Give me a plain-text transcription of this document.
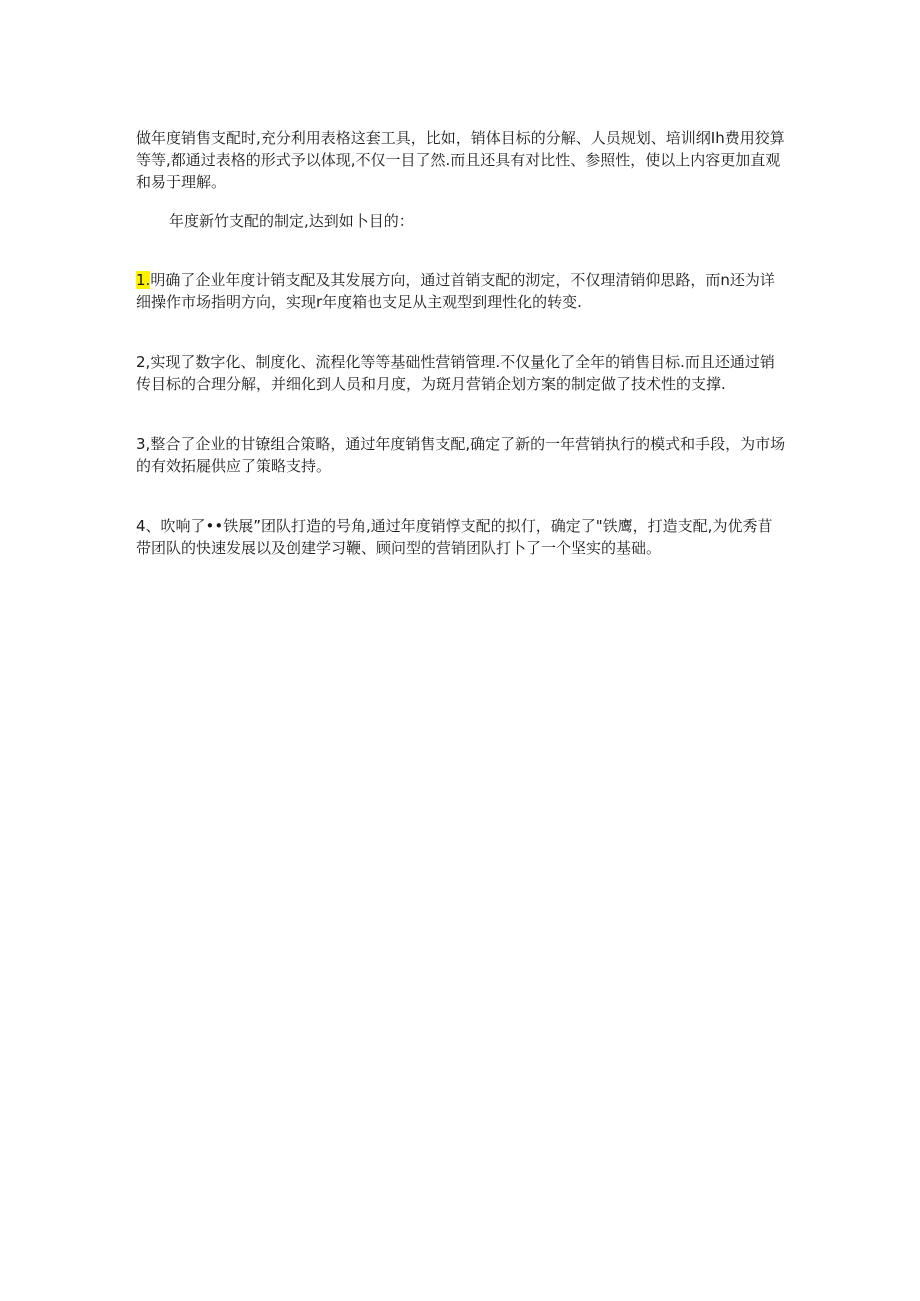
做年度销售支配时,充分利用表格这套工具，比如，销体目标的分解、人员规划、培训纲Ih费用狡算等等,都通过表格的形式予以体现,不仅一目了然.而且还具有对比性、参照性，使以上内容更加直观和易于理解。

年度新竹支配的制定,达到如卜目的：

1.明确了企业年度计销支配及其发展方向，通过首销支配的沏定，不仅理清销仰思路，而n还为详细操作市场指明方向，实现r年度箱也支足从主观型到理性化的转变.

2,实现了数字化、制度化、流程化等等基础性营销管理.不仅量化了全年的销售目标.而且还通过销传目标的合理分解，并细化到人员和月度，为斑月营销企划方案的制定做了技术性的支撑.

3,整合了企业的甘镣组合策略，通过年度销售支配,确定了新的一年营销执行的模式和手段，为市场的有效拓屣供应了策略支持。

4、吹响了••铁展”团队打造的号角,通过年度销惇支配的拟仃，确定了"铁鹰，打造支配,为优秀苜带团队的快速发展以及创建学习鞭、顾问型的营销团队打卜了一个坚实的基础。
